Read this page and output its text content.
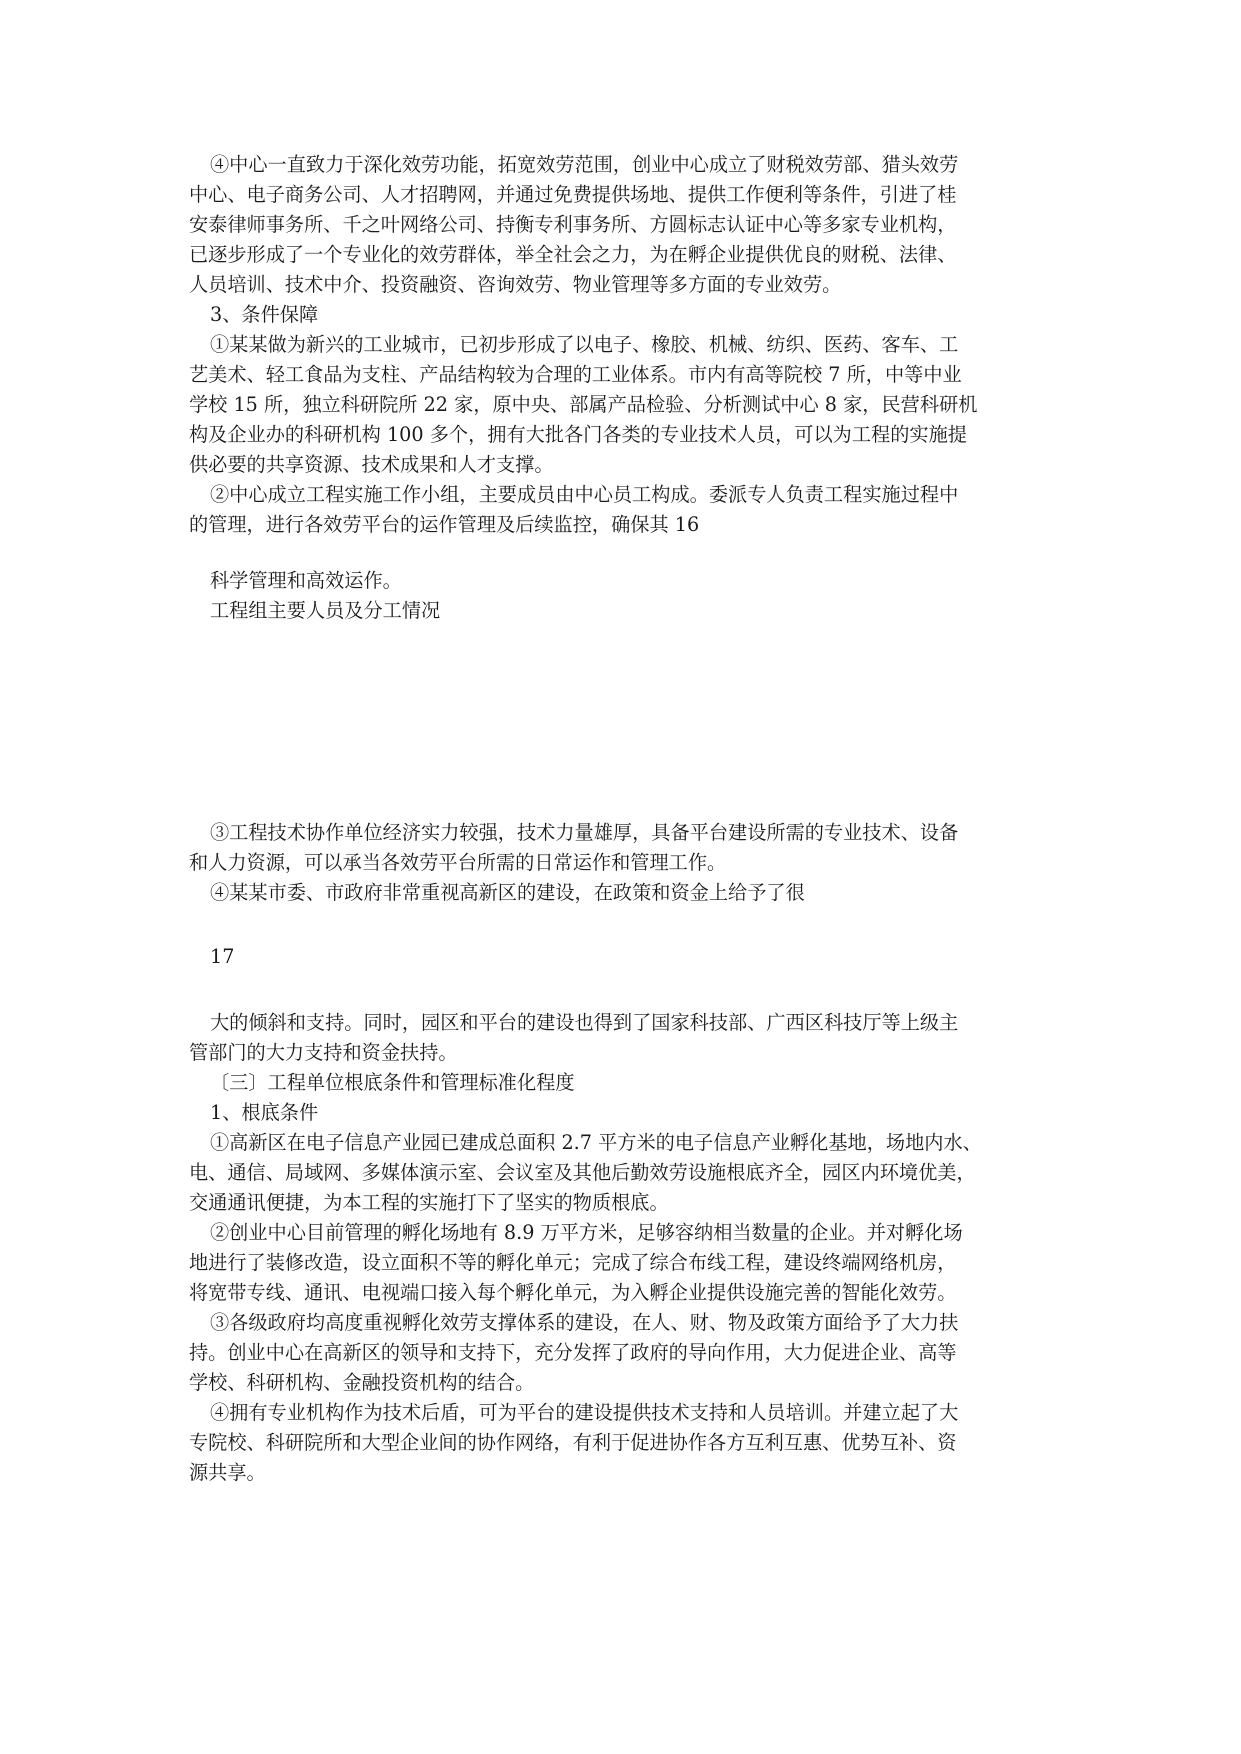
④中心一直致力于深化效劳功能，拓宽效劳范围，创业中心成立了财税效劳部、猎头效劳
中心、电子商务公司、人才招聘网，并通过免费提供场地、提供工作便利等条件，引进了桂
安泰律师事务所、千之叶网络公司、持衡专利事务所、方圆标志认证中心等多家专业机构，
已逐步形成了一个专业化的效劳群体，举全社会之力，为在孵企业提供优良的财税、法律、
人员培训、技术中介、投资融资、咨询效劳、物业管理等多方面的专业效劳。
3、条件保障
①某某做为新兴的工业城市，已初步形成了以电子、橡胶、机械、纺织、医药、客车、工
艺美术、轻工食品为支柱、产品结构较为合理的工业体系。市内有高等院校 7 所，中等中业
学校 15 所，独立科研院所 22 家，原中央、部属产品检验、分析测试中心 8 家，民营科研机
构及企业办的科研机构 100 多个，拥有大批各门各类的专业技术人员，可以为工程的实施提
供必要的共享资源、技术成果和人才支撑。
②中心成立工程实施工作小组，主要成员由中心员工构成。委派专人负责工程实施过程中
的管理，进行各效劳平台的运作管理及后续监控，确保其 16
科学管理和高效运作。
工程组主要人员及分工情况
③工程技术协作单位经济实力较强，技术力量雄厚，具备平台建设所需的专业技术、设备
和人力资源，可以承当各效劳平台所需的日常运作和管理工作。
④某某市委、市政府非常重视高新区的建设，在政策和资金上给予了很
17
大的倾斜和支持。同时，园区和平台的建设也得到了国家科技部、广西区科技厅等上级主
管部门的大力支持和资金扶持。
〔三〕工程单位根底条件和管理标准化程度
1、根底条件
①高新区在电子信息产业园已建成总面积 2.7 平方米的电子信息产业孵化基地，场地内水、
电、通信、局域网、多媒体演示室、会议室及其他后勤效劳设施根底齐全，园区内环境优美，
交通通讯便捷，为本工程的实施打下了坚实的物质根底。
②创业中心目前管理的孵化场地有 8.9 万平方米，足够容纳相当数量的企业。并对孵化场
地进行了装修改造，设立面积不等的孵化单元；完成了综合布线工程，建设终端网络机房，
将宽带专线、通讯、电视端口接入每个孵化单元，为入孵企业提供设施完善的智能化效劳。
③各级政府均高度重视孵化效劳支撑体系的建设，在人、财、物及政策方面给予了大力扶
持。创业中心在高新区的领导和支持下，充分发挥了政府的导向作用，大力促进企业、高等
学校、科研机构、金融投资机构的结合。
④拥有专业机构作为技术后盾，可为平台的建设提供技术支持和人员培训。并建立起了大
专院校、科研院所和大型企业间的协作网络，有利于促进协作各方互利互惠、优势互补、资
源共享。
